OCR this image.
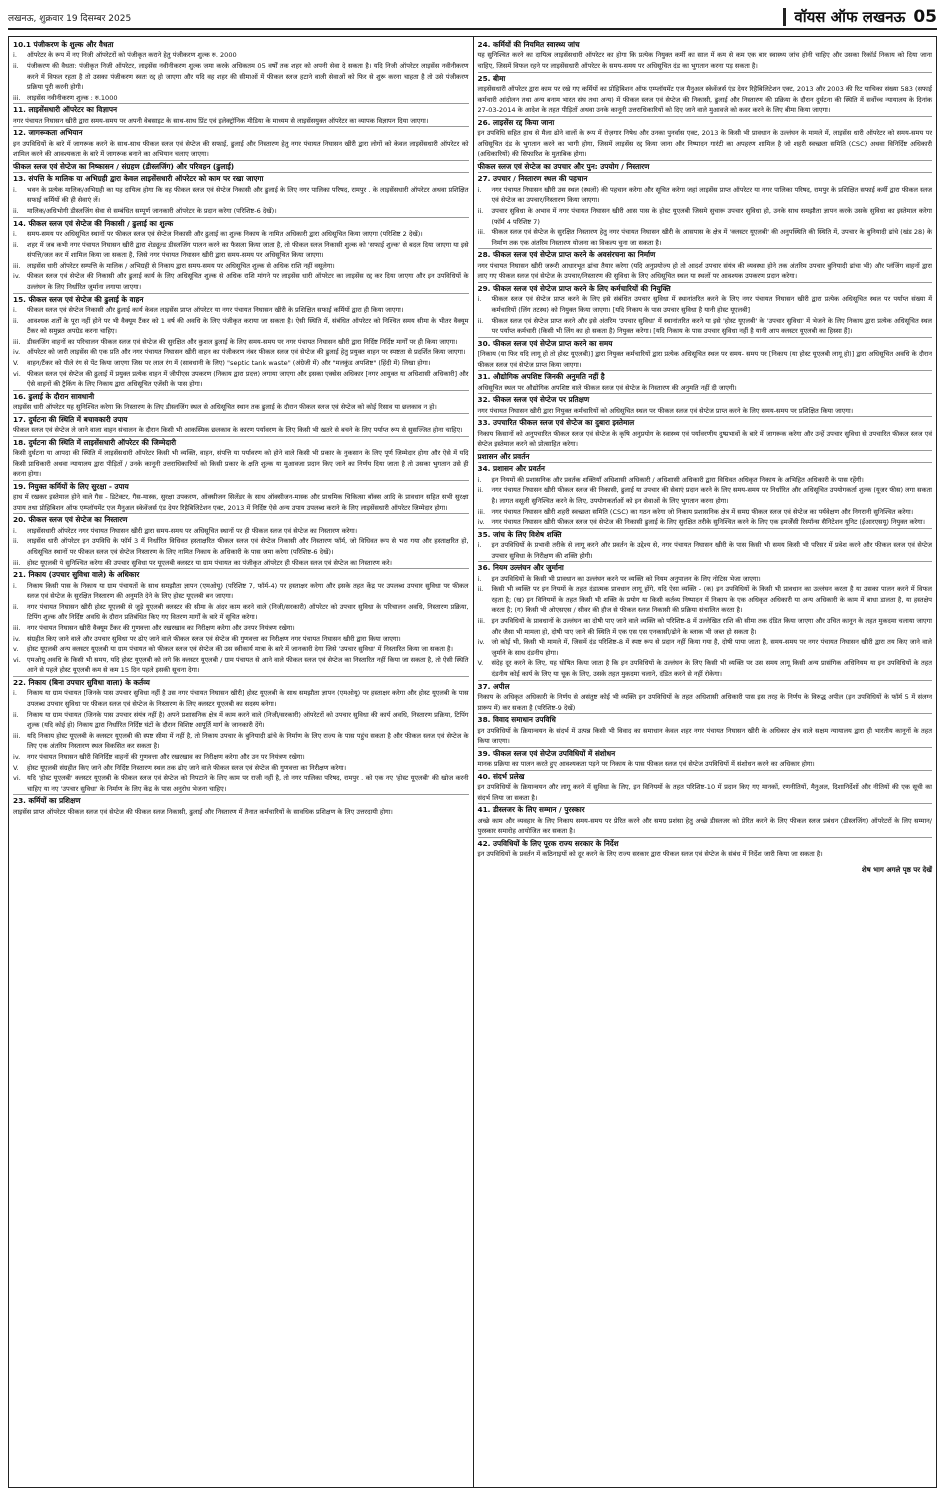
लखनऊ, शुक्रवार 19 दिसम्बर 2025	वॉयस ऑफ लखनऊ 05
10.1 पंजीकरण के शुल्क और वैधता
i.	ऑपरेटर के रूप में नए निजी ऑपरेटरों को पंजीकृत कराने हेतु पंजीकरण शुल्क रु. 2000
ii.	पंजीकरण की वैधता: पंजीकृत निजी ऑपरेटर, लाइसेंस नवीनीकरण शुल्क जमा करके अधिकतम 05 वर्षों तक शहर को अपनी सेवा दे सकता है। यदि निजी ऑपरेटर लाइसेंस नवीनीकरण करने में विफल रहता है तो उसका पंजीकरण स्वतः रद्द हो जाएगा और यदि वह शहर की सीमाओं में फीकल स्लज हटाने वाली सेवाओं को फिर से शुरू करना चाहता है तो उसे पंजीकरण प्रक्रिया पूरी करनी होगी।
iii. लाइसेंस नवीनीकरण शुल्क : रु.1000
11. लाइसेंसधारी ऑपरेटर का विज्ञापन

नगर पंचायत निघासन खीरी द्वारा समय-समय पर अपनी वेबसाइट के साथ-साथ प्रिंट एवं इलेक्ट्रॉनिक मीडिया के माध्यम से लाइसेंसयुक्त ऑपरेटर का व्यापक विज्ञापन दिया जाएगा।

12. जागरूकता अभियान

इन उपविधियों के बारे में जागरूक करने के साथ-साथ फीकल स्लज एवं सेप्टेज की सफाई, ढुलाई और निस्तारण हेतु नगर पंचायत निघासन खीरी द्वारा लोगों को केवल लाइसेंसधारी ऑपरेटर को शामिल करने की आवश्यकता के बारे में जागरूक बनाने का अभियान चलाए जाएगा।

फीकल स्लज एवं सेप्टेज का निष्कासन / संग्रहण (डीस्लजिंग) और परिवहन (ढुलाई)
13. संपत्ति के मालिक या अभिग्रही द्वारा केवल लाइसेंसधारी ऑपरेटर को काम पर रखा जाएगा
i.	भवन के प्रत्येक मालिक/अभिग्रही का यह दायित्व होगा कि वह फीकल स्लज एवं सेप्टेज निकासी और ढुलाई के लिए नगर पालिका परिषद, रामपुर . के लाइसेंसधारी ऑपरेटर अथवा प्रशिक्षित सफाई कर्मियों की ही सेवाएं लें।
ii.	मालिक/अधिभोगी डीस्लजिंग सेवा से सम्बंधित सम्पूर्ण जानकारी ऑपरेटर के प्रदान करेगा (परिशिष्ट-6 देखें)।
14. फीकल स्लज एवं सेप्टेज की निकासी / ढुलाई का शुल्क
i.	समय-समय पर अधिसूचित स्थानों पर फीकल स्लज एवं सेप्टेज निकासी और ढुलाई का शुल्क निकाय के नामित अधिकारी द्वारा अधिसूचित किया जाएगा (परिशिष्ट 2 देखें)।
ii.	शहर में जब कभी नगर पंचायत निघासन खीरी द्वारा शेड्यूल्ड डीस्लजिंग पालन करने का फैसला किया जाता है, तो फीकल स्लज निकासी शुल्क को 'सफाई शुल्क' से बदल दिया जाएगा या इसे संपत्ति/जल कर में शामिल किया जा सकता है, जिसे नगर पंचायत निघासन खीरी द्वारा समय-समय पर अधिसूचित किया जाएगा।
iii. लाइसेंस धारी ऑपरेटर सम्पत्ति के मालिक / अभिग्रही से निकाय द्वारा समय-समय पर अधिसूचित शुल्क से अधिक राशि नहीं वसूलेगा।
iv.	फीकल स्लज एवं सेप्टेज की निकासी और ढुलाई कार्य के लिए अधिसूचित शुल्क से अधिक राशि मांगने पर लाइसेंस धारी ऑपरेटर का लाइसेंस रद्द कर दिया जाएगा और इन उपविधियों के उल्लंघन के लिए निर्धारित जुर्माना लगाया जाएगा।
15. फीकल स्लज एवं सेप्टेज की ढुलाई के वाहन
i.	फीकल स्लज एवं सेप्टेज निकासी और ढुलाई कार्य केवल लाइसेंस प्राप्त ऑपरेटर या नगर पंचायत निघासन खीरी के प्रशिक्षित सफाई कर्मियों द्वारा ही किया जाएगा।
ii.	आवश्यक शर्तों के पूरा नहीं होने पर भी वैक्यूम टैंकर को 1 वर्ष की अवधि के लिए पंजीकृत कराया जा सकता है। ऐसी स्थिति में, संबंधित ऑपरेटर को निश्चित समय सीमा के भीतर वैक्यूम टैंकर को समुन्नत अपग्रेड करना चाहिए।
iii. डीस्लजिंग वाहनों का परिचालन फीकल स्लज एवं सेप्टेज की सुरक्षित और कुशल ढुलाई के लिए समय-समय पर नगर पंचायत निघासन खीरी द्वारा निर्दिष्ट निर्दिष्ट मार्गों पर ही किया जाएगा।
iv.	ऑपरेटर को जारी लाइसेंस की एक प्रति और नगर पंचायत निघासन खीरी वाहन का पंजीकरण नंबर फीकल स्लज एवं सेप्टेज की ढुलाई हेतु प्रयुक्त वाहन पर स्पष्टता से प्रदर्शित किया जाएगा।
V.	वाहन/टैंकर को पीले रंग से पेंट किया जाएगा जिस पर लाल रंग में (सावधानी के लिए) "septic tank waste" (अंग्रेजी में) और "मलकुंड अपशिष्ट" (हिंदी में) लिखा होगा।
vi. फीकल स्लज एवं सेप्टेज की ढुलाई में प्रयुक्त प्रत्येक वाहन में जीपीएस उपकरण (निकाय द्वारा प्रदत्त) लगाया जाएगा और इसका एक्सेस अधिकार [नगर आयुक्त या अधिशासी अधिकारी] और ऐसे वाहनों की ट्रैकिंग के लिए निकाय द्वारा अधिसूचित एजेंसी के पास होगा।
16. ढुलाई के दौरान सावधानी

लाइसेंस धारी ऑपरेटर यह सुनिश्चित करेगा कि निस्तारण के लिए डीस्लजिंग स्थल से अधिसूचित स्थान तक ढुलाई के दौरान फीकल स्लज एवं सेप्टेज को कोई रिसाव या छलकाव न हो।

17. दुर्घटना की स्थिति में बचावकारी उपाय

फीकल स्लज एवं सेप्टेज ले जाने वाला वाहन संचालन के दौरान किसी भी आकस्मिक छलकाव के कारण पर्यावरण के लिए किसी भी खतरे से बचने के लिए पर्याप्त रूप से सुसज्जित होना चाहिए।

18. दुर्घटना की स्थिति में लाइसेंसधारी ऑपरेटर की जिम्मेदारी

किसी दुर्घटना या आपदा की स्थिति में लाइसेंसधारी ऑपरेटर किसी भी व्यक्ति, वाहन, संपत्ति या पर्यावरण को होने वाले किसी भी प्रकार के नुकसान के लिए पूर्ण जिम्मेदार होगा और ऐसे में यदि किसी प्राधिकारी अथवा न्यायालय द्वारा पीड़ितों / उनके कानूनी उत्तराधिकारियों को किसी प्रकार के क्षति शुल्क या मुआवजा प्रदान किए जाने का निर्णय दिया जाता है तो उसका भुगतान उसे ही करना होगा।

19. नियुक्त कर्मियों के लिए सुरक्षा - उपाय

हाथ में रखकर इस्तेमाल होने वाले गैस - डिटेक्टर, गैस-मास्क, सुरक्षा उपकरण, ऑक्सीजन सिलेंडर के साथ ऑक्सीजन-मास्क और प्राथमिक चिकित्सा बॉक्स आदि के प्रावधान सहित सभी सुरक्षा उपाय तथा प्रोहिबिशन ऑफ एम्प्लॉयमेंट एज मैनुअल स्केवेंजर्स एंड देयर रिहैबिलिटेशन एक्ट, 2013 में निर्दिष्ट ऐसे अन्य उपाय उपलब्ध कराने के लिए लाइसेंसधारी ऑपरेटर जिम्मेदार होगा।

20. फीकल स्लज एवं सेप्टेज का निस्तारण
i.	लाइसेंसधारी ऑपरेटर नगर पंचायत निघासन खीरी द्वारा समय-समय पर अधिसूचित स्थानों पर ही फीकल स्लज एवं सेप्टेज का निस्तारण करेगा।
ii.	लाइसेंस धारी ऑपरेटर इन उपविधि के फॉर्म 3 में निर्धारित विधिवत हस्ताक्षरित फीकल स्लज एवं सेप्टेज निकासी और निस्तारण फॉर्म, जो विधिवत रूप से भरा गया और हस्ताक्षरित हो, अधिसूचित स्थानों पर फीकल स्लज एवं सेप्टेज निस्तारण के लिए नामित निकाय के अधिकारी के पास जमा करेगा (परिशिष्ट-6 देखें)।
iii. होस्ट यूएलबी ये सुनिश्चित करेगा की उपचार सुविधा पर यूएलबी क्लस्टर या ग्राम पंचायत का पंजीकृत ऑपरेटर ही फीकल स्लज एवं सेप्टेज का निस्तारण करे।
21. निकाय (उपचार सुविधा वाले) के अधिकार
i.	निकाय किसी पास के निकाय या ग्राम पंचायतों के साथ समझौता ज्ञापन (एमओयू) (परिशिष्ट 7, फॉर्म-4) पर हस्ताक्षर करेगा और इसके तहत केंद्र पर उपलब्ध उपचार सुविधा पर फीकल स्लज एवं सेप्टेज के सुरक्षित निस्तारण की अनुमति देने के लिए होस्ट यूएलबी बन जाएगा।
ii.	नगर पंचायत निघासन खीरी होस्ट यूएलबी से जुड़े यूएलबी क्लस्टर की सीमा के अंदर काम करने वाले (निजी/सरकारी) ऑपरेटर को उपचार सुविधा के परिचालन अवधि, निस्तारण प्रक्रिया, टिपिंग शुल्क और निर्दिष्ट अवधि के दौरान प्रतिबंधित किए गए वितरण मार्गों के बारे में सूचित करेगा।
iii. नगर पंचायत निघासन खीरी वैक्यूम टैंकर की गुणवत्ता और रखरखाव का निरीक्षण करेगा और उनपर नियंत्रण रखेगा।
iv.	संग्रहीत किए जाने वाले और उपचार सुविधा पर ढोए जाने वाले फीकल स्लज एवं सेप्टेज की गुणवत्ता का निरीक्षण नगर पंचायत निघासन खीरी द्वारा किया जाएगा।
v.	होस्ट यूएलबी अन्य क्लस्टर यूएलबी या ग्राम पंचायत को फीकल स्लज एवं सेप्टेज की उस स्वीकार्य मात्रा के बारे में जानकारी देगा जिसे 'उपचार सुविधा' में निस्तारित किया जा सकता है।
vi. एमओयू अवधि के किसी भी समय, यदि होस्ट यूएलबी को लगे कि क्लस्टर यूएलबी / ग्राम पंचायत से आने वाले फीकल स्लज एवं सेप्टेज का निस्तारित नहीं किया जा सकता है, तो ऐसी स्थिति आने से पहले होस्ट यूएलबी कम से कम 15 दिन पहले इसकी सूचना देगा।
22. निकाय (बिना उपचार सुविधा वाला) के कर्तव्य
i.	निकाय या ग्राम पंचायत [जिनके पास उपचार सुविधा नहीं है उस नगर पंचायत निघासन खीरी] होस्ट यूएलबी के साथ समझौता ज्ञापन (एमओयू) पर हस्ताक्षर करेगा और होस्ट यूएलबी के पास उपलब्ध उपचार सुविधा पर फीकल स्लज एवं सेप्टेज के निस्तारण के लिए क्लस्टर यूएलबी का सदस्य बनेगा।
ii.	निकाय या ग्राम पंचायत (जिनके पास उपचार संयंत्र नहीं है) अपने प्रशासनिक क्षेत्र में काम करने वाले (निजी/सरकारी) ऑपरेटरों को उपचार सुविधा की कार्य अवधि, निस्तारण प्रक्रिया, टिपिंग शुल्क (यदि कोई हो) निकाय द्वारा निर्धारित निर्दिष्ट घंटों के दौरान विशिष्ट आपूर्ति मार्ग के जानकारी देंगे।
iii. यदि निकाय होस्ट यूएलबी के क्लस्टर यूएलबी की स्पष्ट सीमा में नहीं है, तो निकाय उपचार के बुनियादी ढांचे के निर्माण के लिए राज्य के पास पहुंच सकता है और फीकल स्लज एवं सेप्टेज के लिए एक अंतरिम निस्तारण स्थल विकसित कर सकता है।
iv.	नगर पंचायत निघासन खीरी विनिर्दिष्ट वाहनों की गुणवत्ता और रखरखाव का निरीक्षण करेगा और उन पर नियंत्रण रखेगा।
V.	होस्ट यूएलबी संग्रहीत किए जाने और निर्दिष्ट निस्तारण स्थल तक ढोए जाने वाले फीकल स्लज एवं सेप्टेज की गुणवत्ता का निरीक्षण करेगा।
vi. यदि 'होस्ट यूएलबी' क्लस्टर यूएलबी के फीकल स्लज एवं सेप्टेज को निपटाने के लिए काम पर राजी नहीं है, तो नगर पालिका परिषद, रामपुर . को एक नए 'होस्ट यूएलबी' की खोज करनी चाहिए या नए 'उपचार सुविधा' के निर्माण के लिए केंद्र के पास अनुरोध भेजना चाहिए।
23. कर्मियों का प्रशिक्षण

लाइसेंस प्राप्त ऑपरेटर फीकल स्लज एवं सेप्टेज की फीकल स्लज निकासी, ढुलाई और निस्तारण में तैनात कर्मचारियों के सावधिक प्रशिक्षण के लिए उत्तरदायी होगा।

24. कर्मियों की नियमित स्वास्थ्य जांच

यह सुनिश्चित करने का दायित्व लाइसेंसधारी ऑपरेटर का होगा कि प्रत्येक नियुक्त कर्मी का साल में कम से कम एक बार स्वास्थ्य जांच होनी चाहिए और उसका रिकॉर्ड निकाय को दिया जाना चाहिए, जिसमें विफल रहने पर लाइसेंसधारी ऑपरेटर के समय-समय पर अधिसूचित दंड का भुगतान करना पड़ सकता है।

25. बीमा

लाइसेंसधारी ऑपरेटर द्वारा काम पर रखे गए कर्मियों का प्रोहिबिशन ऑफ एम्प्लॉयमेंट एज मैनुअल स्केवेंजर्स एंड देयर रिहैबिलिटेशन एक्ट, 2013 और 2003 की रिट याचिका संख्या 583 (सफाई कर्मचारी आंदोलन तथा अन्य बनाम भारत संघ तथा अन्य) में फीकल स्लज एवं सेप्टेज की निकासी, ढुलाई और निस्तारण की प्रक्रिया के दौरान दुर्घटना की स्थिति में सर्वोच्च न्यायालय के दिनांक 27-03-2014 के आदेश के तहत पीड़ितों अथवा उनके कानूनी उत्तराधिकारियों को दिए जाने वाले मुआवजे को कवर करने के लिए बीमा किया जाएगा।

26. लाइसेंस रद्द किया जाना

इन उपविधि सहित हाथ से मैला ढोने वालों के रूप में रोज़गार निषेध और उनका पुनर्वास एक्ट, 2013 के किसी भी प्रावधान के उल्लंघन के मामले में, लाइसेंस धारी ऑपरेटर को समय-समय पर अधिसूचित दंड के भुगतान करने का भागी होगा, जिसमें लाइसेंस रद्द किया जाना और निष्पादन गारंटी का अपहरण शामिल है जो शहरी स्वच्छता समिति (CSC) अथवा विनिर्दिष्ट अधिकारी (अधिकारियों) की सिफारिश के मुताबिक होगा।

फीकल स्लज एवं सेप्टेज का उपचार और पुन: उपयोग / निस्तारण
27. उपचार / निस्तारण स्थल की पहचान
i.	नगर पंचायत निघासन खीरी उस स्थल (स्थलों) की पहचान करेगा और सूचित करेगा जहां लाइसेंस प्राप्त ऑपरेटर या नगर पालिका परिषद, रामपुर के प्रशिक्षित सफाई कर्मी द्वारा फीकल स्लज एवं सेप्टेज का उपचार/निस्तारण किया जाएगा।
ii.	उपचार सुविधा के अभाव में नगर पंचायत निघासन खीरी आस पास के होस्ट यूएलबी जिसमे सुचारू उपचार सुविधा हो, उनके साथ समझौता ज्ञापन करके उसके सुविधा का इस्तेमाल करेगा (फॉर्म 4 परिशिष्ट 7)
iii. फीकल स्लज एवं सेप्टेज के सुरक्षित निस्तारण हेतु नगर पंचायत निघासन खीरी के आसपास के क्षेत्र में 'क्लस्टर यूएलबी' की अनुपस्थिति की स्थिति में, उपचार के बुनियादी ढांचे (खंड 28) के निर्माण तक एक अंतरिम निस्तारण योजना का विकल्प चुना जा सकता है।
28. फीकल स्लज एवं सेप्टेज प्राप्त करने के अवसंरचना का निर्माण

नगर पंचायत निघासन खीरी जरूरी आधारभूत ढांचा तैयार करेगा (यदि अनुप्रयोज्य हो तो आदर्श उपचार संयंत्र की व्यवस्था होने तक अंतरिम उपचार बुनियादी ढांचा भी) और प्लंजिंग वाहनों द्वारा लाए गए फीकल स्लज एवं सेप्टेज के उपचार/निस्तारण की सुविधा के लिए अधिसूचित स्थल या स्थलों पर आवश्यक उपकरण प्रदान करेगा।

29. फीकल स्लज एवं सेप्टेज प्राप्त करने के लिए कर्मचारियों की नियुक्ति
i.	फीकल स्लज एवं सेप्टेज प्राप्त करने के लिए इसे संबंधित उपचार सुविधा में स्थानांतरित करने के लिए नगर पंचायत निघासन खीरी द्वारा प्रत्येक अधिसूचित स्थल पर पर्याप्त संख्या में कर्मचारियों (लिंग तटस्थ) को नियुक्त किया जाएगा। [यदि निकाय के पास उपचार सुविधा है यानी होस्ट यूएलबी]
ii.	फीकल स्लज एवं सेप्टेज प्राप्त करने और इसे अंतरिम 'उपचार सुविधा' में स्थानांतरित करने या इसे 'होस्ट यूएलबी' के 'उपचार सुविधा' में भेजने के लिए निकाय द्वारा प्रत्येक अधिसूचित स्थल पर पर्याप्त कर्मचारी (किसी भी लिंग का हो सकता है) नियुक्त करेगा। [यदि निकाय के पास उपचार सुविधा नहीं है यानी आप क्लस्टर यूएलबी का हिस्सा हैं]।
30. फीकल स्लज एवं सेप्टेज प्राप्त करने का समय

[निकाय (या फिर यदि लागू हो तो होस्ट यूएलबी)] द्वारा नियुक्त कर्मचारियों द्वारा प्रत्येक अधिसूचित स्थल पर समय- समय पर [निकाय (या होस्ट यूएलबी लागू हो)] द्वारा अधिसूचित अवधि के दौरान फीकल स्लज एवं सेप्टेज प्राप्त किया जाएगा।

31. औद्योगिक अपशिष्ट जिनकी अनुमति नहीं है

अधिसूचित स्थल पर औद्योगिक अपशिष्ट वाले फीकल स्लज एवं सेप्टेज के निस्तारण की अनुमति नहीं दी जाएगी।

32. फीकल स्लज एवं सेप्टेज पर प्रतिक्षण

नगर पंचायत निघासन खीरी द्वारा नियुक्त कर्मचारियों को अधिसूचित स्थल पर फीकल स्लज एवं सेप्टेज प्राप्त करने के लिए समय-समय पर प्रशिक्षित किया जाएगा।

33. उपचारित फीकल स्लज एवं सेप्टेज का दुबारा इस्तेमाल

निकाय किसानों को अनुपचारित फीकल स्लज एवं सेप्टेज के कृषि अनुप्रयोग के स्वास्थ्य एवं पर्यावरणीय दुष्प्रभावों के बारे में जागरूक करेगा और उन्हें उपचार सुविधा से उपचारित फीकल स्लज एवं सेप्टेज इस्तेमाल करने को प्रोत्साहित करेगा।

प्रशासन और प्रवर्तन
34. प्रशासन और प्रवर्तन
i.	इन नियमों की प्रशासनिक और प्रवर्तक शक्तियाँ अधिशासी अधिकारी / अधिशासी अधिकारी द्वारा विधिवत अधिकृत निकाय के अभिहित अधिकारी के पास रहेंगी।
ii.	नगर पंचायत निघासन खीरी फीकल स्लज की निकासी, ढुलाई या उपचार की सेवाएं प्रदान करने के लिए समय-समय पर निर्धारित और अधिसूचित उपयोगकर्ता शुल्क (यूजर फीस) लगा सकता है। लागत वसूली सुनिश्चित करने के लिए, उपयोगकर्ताओं को इन सेवाओं के लिए भुगतान करना होगा।
iii. नगर पंचायत निघासन खीरी शहरी स्वच्छता समिति (CSC) का गठन करेगा जो निकाय प्रशासनिक क्षेत्र में समग्र फीकल स्लज एवं सेप्टेज का पर्यवेक्षण और निगरानी सुनिश्चित करेगा।
iv.	नगर पंचायत निघासन खीरी फीकल स्लज एवं सेप्टेज की निकासी ढुलाई के लिए सुरक्षित तरीके सुनिश्चित करने के लिए एक इमर्जेंसी रिस्पॉन्स सैनिटेशन यूनिट (ईआरएसयू) नियुक्त करेगा।
35. जांच के लिए विशेष शक्ति
i.	इन उपविधियों के प्रभावी तरीके से लागू करने और प्रवर्तन के उद्देश्य से, नगर पंचायत निघासन खीरी के पास किसी भी समय किसी भी परिसर में प्रवेश करने और फीकल स्लज एवं सेप्टेज उपचार सुविधा के निरीक्षण की शक्ति होगी।
36. नियम उल्लंघन और जुर्माना
i.	इन उपविधियों के किसी भी प्रावधान का उल्लंघन करने पर व्यक्ति को नियम अनुपालन के लिए नोटिस भेजा जाएगा।
ii.	किसी भी व्यक्ति पर इन नियमों के तहत दंडात्मक प्रावधान लागू होंगे, यदि ऐसा व्यक्ति - (क) इन उपविधियों के किसी भी प्रावधान का उल्लंघन करता है या उसका पालन करने में विफल रहता है; (ख) इन विनियमों के तहत किसी भी शक्ति के प्रयोग या किसी कर्तव्य निष्पादन में निकाय के एक अधिकृत अधिकारी या अन्य अधिकारी के काम में बाधा डालता है, या हस्तक्षेप करता है; (ग) किसी भी ओएसएस / सीवर की हौज से फीकल स्लज निकासी की प्रक्रिया संचालित करता है।
iii. इन उपविधियों के प्रावधानों के उल्लंघन का दोषी पाए जाने वाले व्यक्ति को परिशिष्ट-8 में उल्लेखित राशि की सीमा तक दंडित किया जाएगा और उचित कानून के तहत मुकदमा चलाया जाएगा और जैसा भी मामला हो, दोषी पाए जाने की स्थिति में एक एस एस एनकासी/ढोने के ब्लाक भी जब्त हो सकता है।
iv.	जो कोई भी, किसी भी मामले में, जिसमें दंड परिशिष्ट-8 में स्पष्ट रूप से प्रदान नहीं किया गया है, दोषी पाया जाता है, समय-समय पर नगर पंचायत निघासन खीरी द्वारा तय किए जाने वाले जुर्माने के साथ दंडनीय होगा।
V.	संदेह दूर करने के लिए, यह घोषित किया जाता है कि इन उपविधियों के उल्लंघन के लिए किसी भी व्यक्ति पर उस समय लागू किसी अन्य प्रासंगिक अधिनियम या इन उपविधियों के तहत दंडनीय कोई कार्य के लिए या चूक के लिए, उसके तहत मुकदमा चलाने, दंडित करने से नहीं रोकेगा।
37. अपील

निकाय के अधिकृत अधिकारी के निर्णय से असंतुष्ट कोई भी व्यक्ति इन उपविधियों के तहत अधिशासी अधिकारी पास इस तरह के निर्णय के विरुद्ध अपील (इन उपविधियों के फॉर्म 5 में संलग्न प्रारूप में) कर सकता है (परिशिष्ट-9 देखें)

38. विवाद समाधान उपविधि

इन उपविधियों के क्रियान्वयन के संदर्भ में उत्पन्न किसी भी विवाद का समाधान केवल शहर नगर पंचायत निघासन खीरी के अधिकार क्षेत्र वाले सक्षम न्यायालय द्वारा ही भारतीय कानूनों के तहत किया जाएगा।

39. फीकल स्लज एवं सेप्टेज उपविधियों में संशोधन

मानक प्रक्रिया का पालन करते हुए आवश्यकता पड़ने पर निकाय के पास फीकल स्लज एवं सेप्टेज उपविधियों में संशोधन करने का अधिकार होगा।

40. संदर्भ प्रलेख

इन उपविधियों के क्रियान्वयन और लागू करने में सुविधा के लिए, इन विनियमों के तहत परिशिष्ट-10 में प्रदान किए गए मानकों, रणनीतियों, मैनुअल, दिशानिर्देशों और नीतियों की एक सूची का संदर्भ लिया जा सकता है।

41. डीस्लजर के लिए सम्मान / पुरस्कार

अच्छे काम और व्यवहार के लिए निकाय समय-समय पर प्रेरित करने और समग्र प्रशंसा हेतु अच्छे डीस्लजर को प्रेरित करने के लिए फीकल स्लज प्रबंधन (डीस्लजिंग) ऑपरेटरों के लिए सम्मान/पुरस्कार समारोह आयोजित कर सकता है।

42. उपविधियों के लिए पूरक राज्य सरकार के निर्देश

इन उपविधियों के प्रवर्तन में कठिनाइयों को दूर करने के लिए राज्य सरकार द्वारा फीकल स्लज एवं सेप्टेज के संबंध में निर्देश जारी किया जा सकता है।

शेष भाग अगले पृष्ठ पर देखें
